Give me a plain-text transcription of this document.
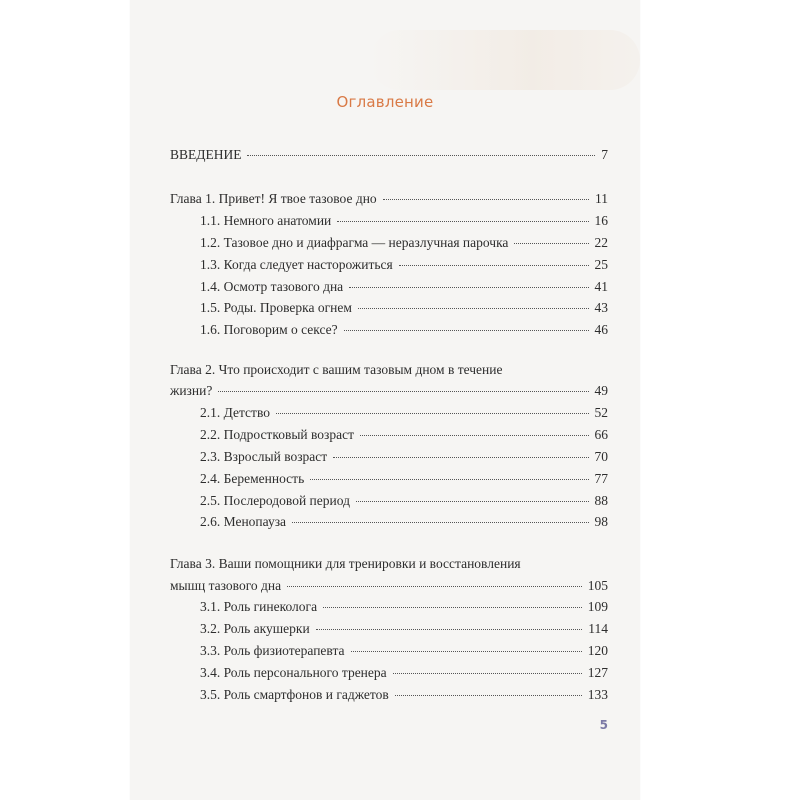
Оглавление
ВВЕДЕНИЕ	7
Глава 1. Привет! Я твое тазовое дно	11
1.1. Немного анатомии	16
1.2. Тазовое дно и диафрагма — неразлучная парочка	22
1.3. Когда следует насторожиться	25
1.4. Осмотр тазового дна	41
1.5. Роды. Проверка огнем	43
1.6. Поговорим о сексе?	46
Глава 2. Что происходит с вашим тазовым дном в течение
жизни?	49
2.1. Детство	52
2.2. Подростковый возраст	66
2.3. Взрослый возраст	70
2.4. Беременность	77
2.5. Послеродовой период	88
2.6. Менопауза	98
Глава 3. Ваши помощники для тренировки и восстановления
мышц тазового дна	105
3.1. Роль гинеколога	109
3.2. Роль акушерки	114
3.3. Роль физиотерапевта	120
3.4. Роль персонального тренера	127
3.5. Роль смартфонов и гаджетов	133
5
